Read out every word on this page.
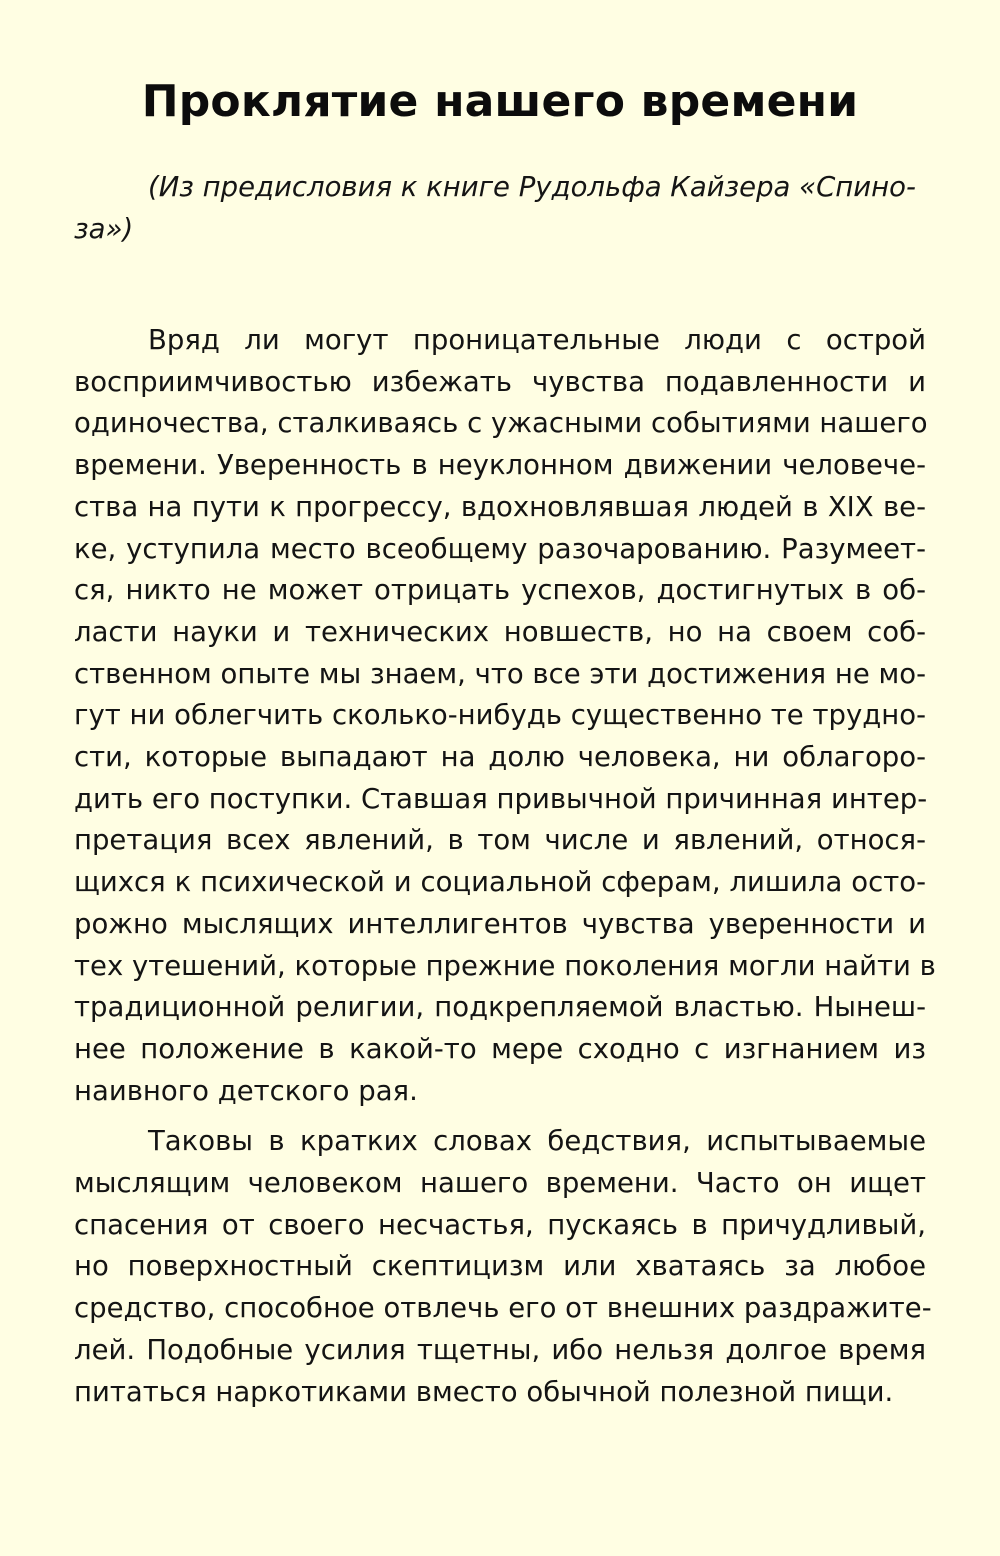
Проклятие нашего времени
(Из предисловия к книге Рудольфа Кайзера «Спино-
за»)

Вряд ли могут проницательные люди с острой
восприимчивостью избежать чувства подавленности и
одиночества, сталкиваясь с ужасными событиями нашего
времени. Уверенность в неуклонном движении человече-
ства на пути к прогрессу, вдохновлявшая людей в XIX ве-
ке, уступила место всеобщему разочарованию. Разумеет-
ся, никто не может отрицать успехов, достигнутых в об-
ласти науки и технических новшеств, но на своем соб-
ственном опыте мы знаем, что все эти достижения не мо-
гут ни облегчить сколько-нибудь существенно те трудно-
сти, которые выпадают на долю человека, ни облагоро-
дить его поступки. Ставшая привычной причинная интер-
претация всех явлений, в том числе и явлений, относя-
щихся к психической и социальной сферам, лишила осто-
рожно мыслящих интеллигентов чувства уверенности и
тех утешений, которые прежние поколения могли найти в
традиционной религии, подкрепляемой властью. Нынеш-
нее положение в какой-то мере сходно с изгнанием из
наивного детского рая.

Таковы в кратких словах бедствия, испытываемые
мыслящим человеком нашего времени. Часто он ищет
спасения от своего несчастья, пускаясь в причудливый,
но поверхностный скептицизм или хватаясь за любое
средство, способное отвлечь его от внешних раздражите-
лей. Подобные усилия тщетны, ибо нельзя долгое время
питаться наркотиками вместо обычной полезной пищи.
